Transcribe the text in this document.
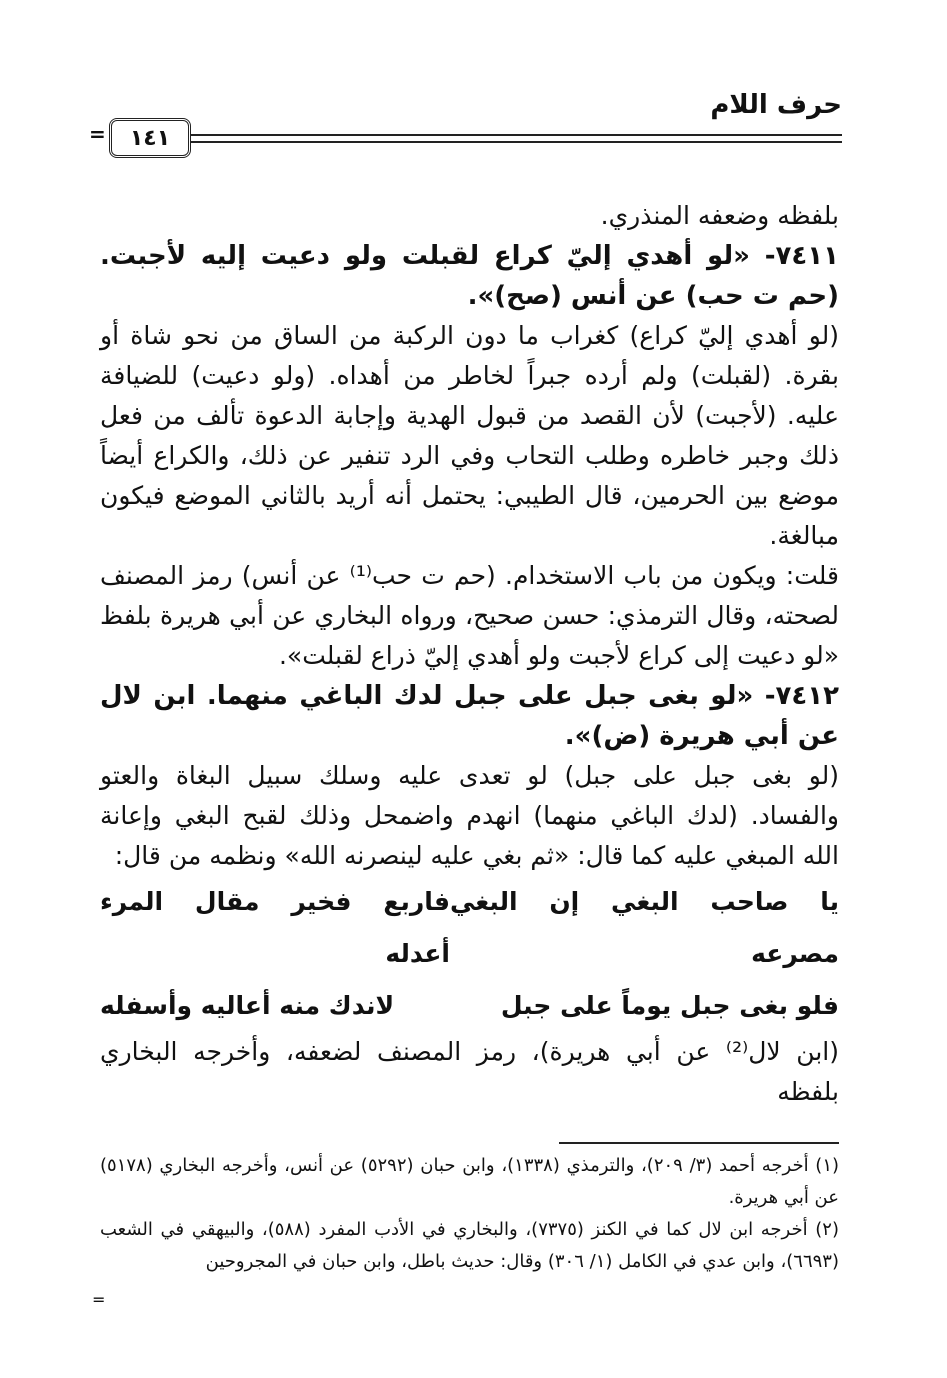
حرف اللام
١٤١
=

بلفظه وضعفه المنذري.

٧٤١١- «لو أهدي إليّ كراع لقبلت ولو دعيت إليه لأجبت. (حم ت حب) عن أنس (صح)».

(لو أهدي إليّ كراع) كغراب ما دون الركبة من الساق من نحو شاة أو بقرة. (لقبلت) ولم أرده جبراً لخاطر من أهداه. (ولو دعيت) للضيافة عليه. (لأجبت) لأن القصد من قبول الهدية وإجابة الدعوة تألف من فعل ذلك وجبر خاطره وطلب التحاب وفي الرد تنفير عن ذلك، والكراع أيضاً موضع بين الحرمين، قال الطيبي: يحتمل أنه أريد بالثاني الموضع فيكون مبالغة.

قلت: ويكون من باب الاستخدام. (حم ت حب⁽¹⁾ عن أنس) رمز المصنف لصحته، وقال الترمذي: حسن صحيح، ورواه البخاري عن أبي هريرة بلفظ «لو دعيت إلى كراع لأجبت ولو أهدي إليّ ذراع لقبلت».

٧٤١٢- «لو بغى جبل على جبل لدك الباغي منهما. ابن لال عن أبي هريرة (ض)».

(لو بغى جبل على جبل) لو تعدى عليه وسلك سبيل البغاة والعتو والفساد. (لدك الباغي منهما) انهدم واضمحل وذلك لقبح البغي وإعانة الله المبغي عليه كما قال: «ثم بغي عليه لينصرنه الله» ونظمه من قال:

يا صاحب البغي إن البغي مصرعه
فاربع فخير مقال المرء أعدله
فلو بغى جبل يوماً على جبل
لاندك منه أعاليه وأسفله

(ابن لال⁽²⁾ عن أبي هريرة)، رمز المصنف لضعفه، وأخرجه البخاري بلفظه

(١) أخرجه أحمد (٣/ ٢٠٩)، والترمذي (١٣٣٨)، وابن حبان (٥٢٩٢) عن أنس، وأخرجه البخاري (٥١٧٨) عن أبي هريرة.

(٢) أخرجه ابن لال كما في الكنز (٧٣٧٥)، والبخاري في الأدب المفرد (٥٨٨)، والبيهقي في الشعب (٦٦٩٣)، وابن عدي في الكامل (١/ ٣٠٦) وقال: حديث باطل، وابن حبان في المجروحين

=
